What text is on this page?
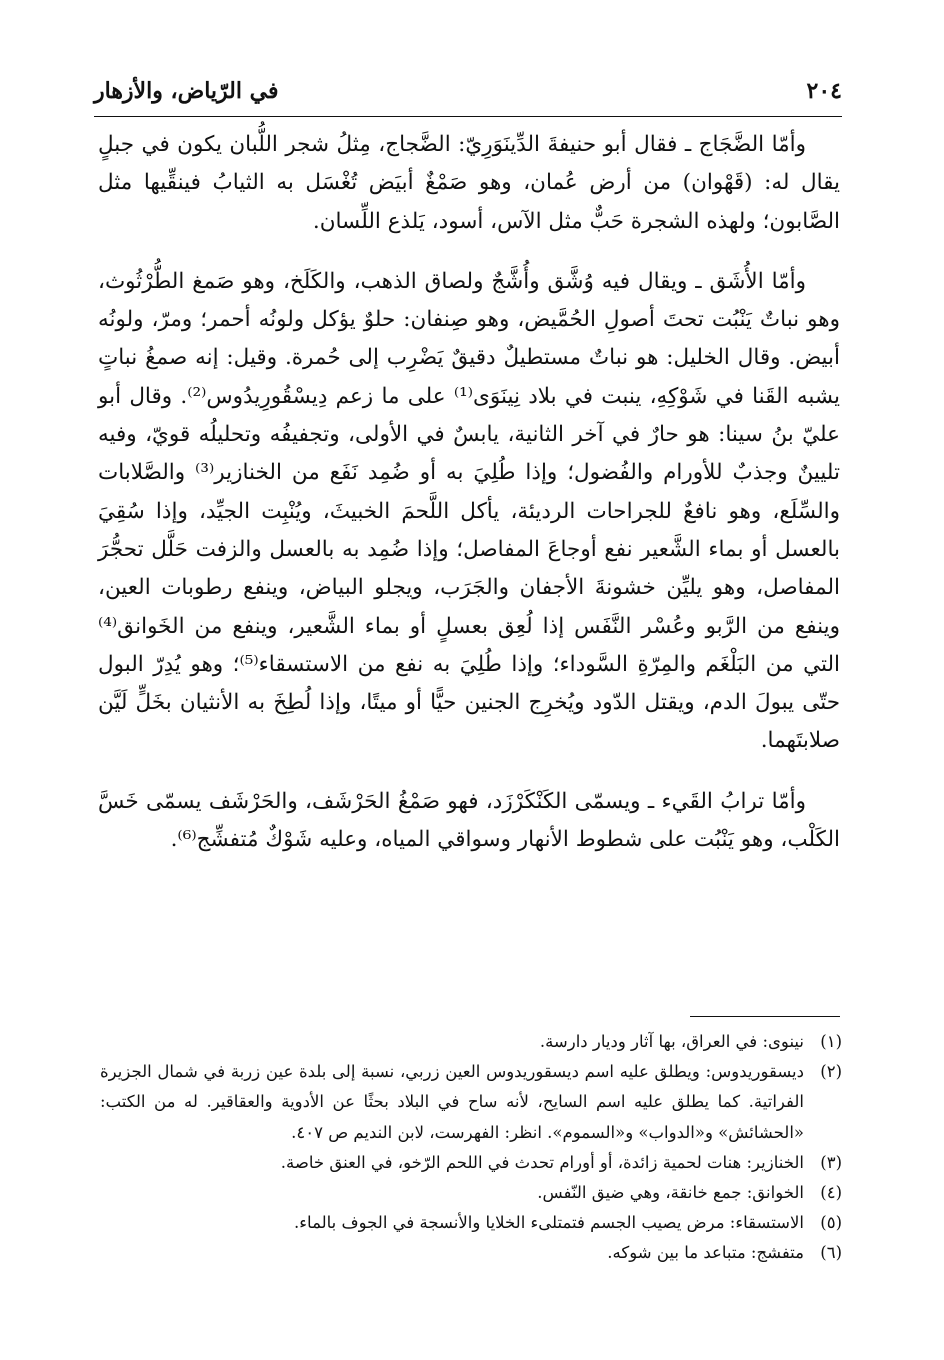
٢٠٤
في الرّياض، والأزهار

وأمّا الضَّجَاج ـ فقال أبو حنيفةَ الدِّينَوَرِيّ: الضَّجاج، مِثلُ شجر اللُّبان يكون في جبلٍ يقال له: (قَهْوان) من أرض عُمان، وهو صَمْغٌ أبيَض تُغْسَل به الثيابُ فينقِّيها مثل الصَّابون؛ ولهذه الشجرة حَبٌّ مثل الآس، أسود، يَلذع اللِّسان.

وأمّا الأُشَق ـ ويقال فيه وُشَّق وأُشَّجٌ ولصاق الذهب، والكَلَخ، وهو صَمغ الطُّرْثُوث، وهو نباتٌ يَنْبُت تحتَ أصولِ الحُمَّيض، وهو صِنفان: حلوٌ يؤكل ولونُه أحمر؛ ومرّ، ولونُه أبيض. وقال الخليل: هو نباتٌ مستطيلٌ دقيقٌ يَضْرِب إلى حُمرة. وقيل: إنه صمغُ نباتٍ يشبه القَنا في شَوْكِهِ، ينبت في بلاد نِينَوَى⁽¹⁾ على ما زعم دِيسْقُورِيدُوس⁽²⁾. وقال أبو عليّ بنُ سينا: هو حارٌ في آخر الثانية، يابسٌ في الأولى، وتجفيفُه وتحليلُه قويّ، وفيه تليينٌ وجذبٌ للأورام والفُضول؛ وإذا طُلِيَ به أو ضُمِد نَفَع من الخنازير⁽³⁾ والصَّلابات والسِّلَع، وهو نافعٌ للجراحات الرديئة، يأكل اللَّحمَ الخبيثَ، ويُنْبِت الجيِّد، وإذا سُقِيَ بالعسل أو بماء الشَّعير نفع أوجاعَ المفاصل؛ وإذا ضُمِد به بالعسل والزفت حَلَّل تحجُّرَ المفاصل، وهو يليِّن خشونةَ الأجفان والجَرَب، ويجلو البياض، وينفع رطوبات العين، وينفع من الرَّبو وعُسْر النَّفَس إذا لُعِق بعسلٍ أو بماء الشَّعير، وينفع من الخَوانق⁽⁴⁾ التي من البَلْغَم والمِرّةِ السَّوداء؛ وإذا طُلِيَ به نفع من الاستسقاء⁽⁵⁾؛ وهو يُدِرّ البول حتّى يبولَ الدم، ويقتل الدّود ويُخرِج الجنين حيًّا أو ميتًا، وإذا لُطِخَ به الأنثيان بخَلٍّ لَيَّن صلابتَهما.

وأمّا ترابُ القَيء ـ ويسمّى الكَنْكَرْزَد، فهو صَمْغُ الحَرْشَف، والحَرْشَف يسمّى خَسَّ الكَلْب، وهو يَنْبُت على شطوط الأنهار وسواقي المياه، وعليه شَوْكٌ مُتفشِّج⁽⁶⁾.

(١)
نينوى: في العراق، بها آثار وديار دارسة.
(٢)
ديسقوريدوس: ويطلق عليه اسم ديسقوريدوس العين زربي، نسبة إلى بلدة عين زربة في شمال الجزيرة الفراتية. كما يطلق عليه اسم السايح، لأنه ساح في البلاد بحثًا عن الأدوية والعقاقير. له من الكتب: «الحشائش» و«الدواب» و«السموم». انظر: الفهرست، لابن النديم ص ٤٠٧.
(٣)
الخنازير: هنات لحمية زائدة، أو أورام تحدث في اللحم الرّخو، في العنق خاصة.
(٤)
الخوانق: جمع خانقة، وهي ضيق النّفس.
(٥)
الاستسقاء: مرض يصيب الجسم فتمتلىء الخلايا والأنسجة في الجوف بالماء.
(٦)
متفشج: متباعد ما بين شوكه.
